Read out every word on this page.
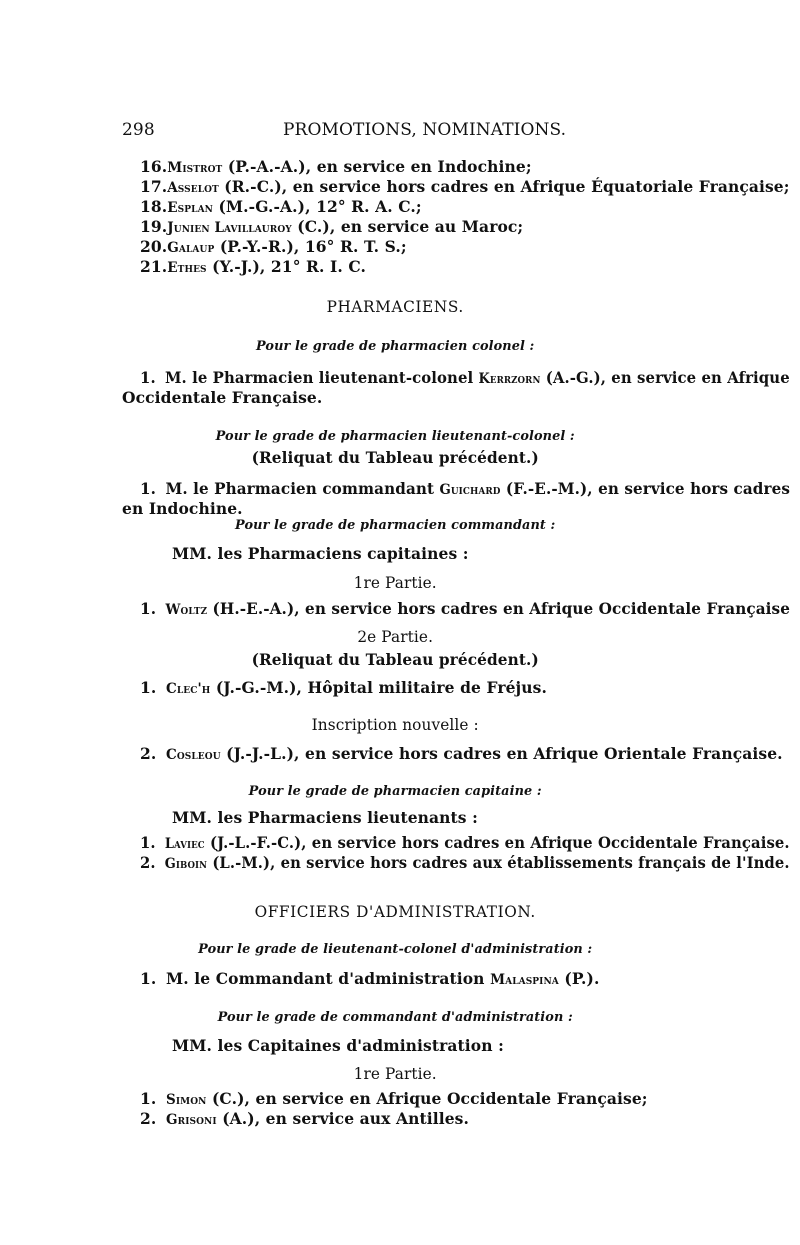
298	PROMOTIONS, NOMINATIONS.
16.Mistrot (P.-A.-A.), en service en Indochine;
17.Asselot (R.-C.), en service hors cadres en Afrique Équatoriale Française;
18.Esplan (M.-G.-A.), 12° R. A. C.;
19.Junien Lavillauroy (C.), en service au Maroc;
20.Galaup (P.-Y.-R.), 16° R. T. S.;
21.Ethes (Y.-J.), 21° R. I. C.
PHARMACIENS.
Pour le grade de pharmacien colonel :
1. M. le Pharmacien lieutenant-colonel Kerrzorn (A.-G.), en service en Afrique
Occidentale Française.
Pour le grade de pharmacien lieutenant-colonel :
(Reliquat du Tableau précédent.)
1. M. le Pharmacien commandant Guichard (F.-E.-M.), en service hors cadres
en Indochine.
Pour le grade de pharmacien commandant :
MM. les Pharmaciens capitaines :
1re Partie.
1. Woltz (H.-E.-A.), en service hors cadres en Afrique Occidentale Française
2e Partie.
(Reliquat du Tableau précédent.)
1. Clec'h (J.-G.-M.), Hôpital militaire de Fréjus.
Inscription nouvelle :
2. Cosleou (J.-J.-L.), en service hors cadres en Afrique Orientale Française.
Pour le grade de pharmacien capitaine :
MM. les Pharmaciens lieutenants :
1. Laviec (J.-L.-F.-C.), en service hors cadres en Afrique Occidentale Française.
2. Giboin (L.-M.), en service hors cadres aux établissements français de l'Inde.
OFFICIERS D'ADMINISTRATION.
Pour le grade de lieutenant-colonel d'administration :
1. M. le Commandant d'administration Malaspina (P.).
Pour le grade de commandant d'administration :
MM. les Capitaines d'administration :
1re Partie.
1. Simon (C.), en service en Afrique Occidentale Française;
2. Grisoni (A.), en service aux Antilles.
